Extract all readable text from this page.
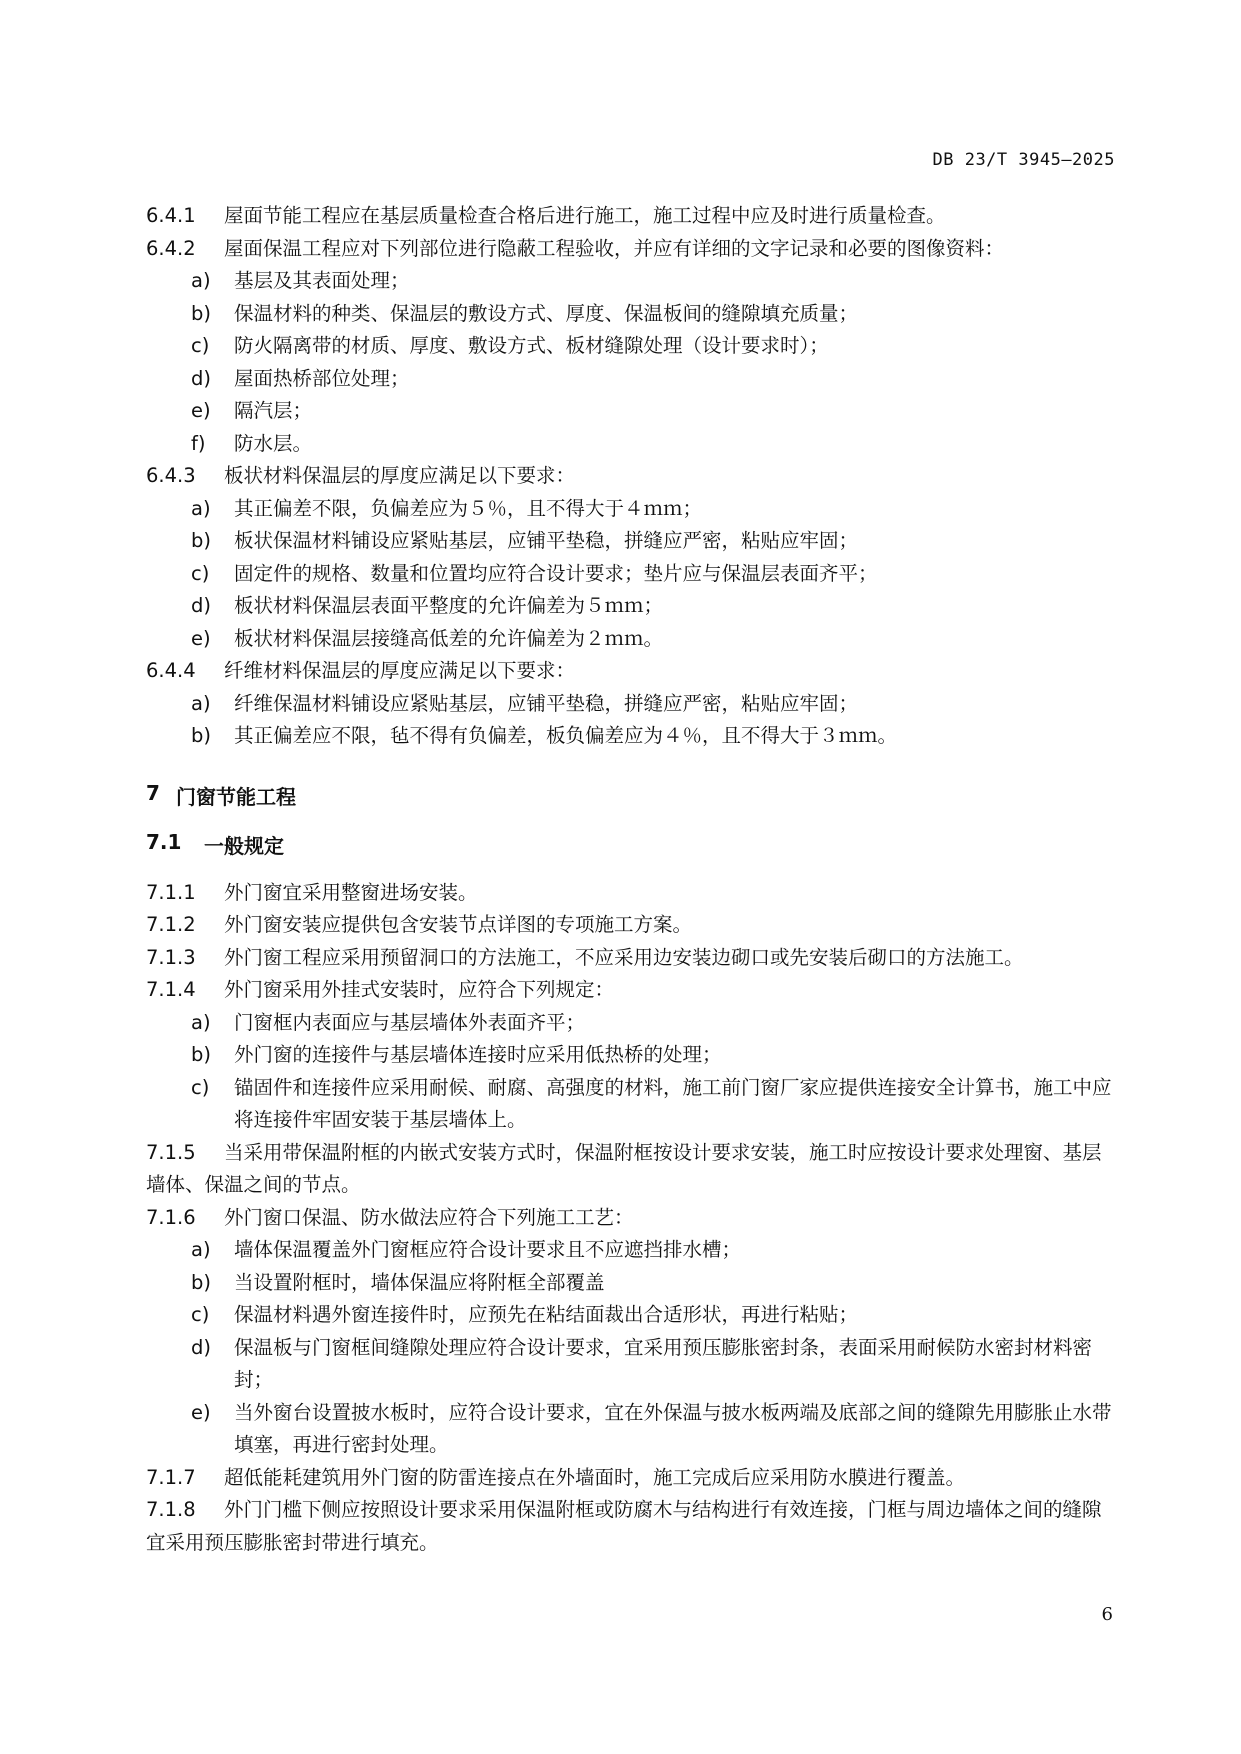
DB 23/T 3945—2025
6.4.1	屋面节能工程应在基层质量检查合格后进行施工，施工过程中应及时进行质量检查。
6.4.2	屋面保温工程应对下列部位进行隐蔽工程验收，并应有详细的文字记录和必要的图像资料：
a)	基层及其表面处理；
b)	保温材料的种类、保温层的敷设方式、厚度、保温板间的缝隙填充质量；
c)	防火隔离带的材质、厚度、敷设方式、板材缝隙处理（设计要求时）；
d)	屋面热桥部位处理；
e)	隔汽层；
f)	防水层。
6.4.3	板状材料保温层的厚度应满足以下要求：
a)	其正偏差不限，负偏差应为５％，且不得大于４ｍｍ；
b)	板状保温材料铺设应紧贴基层，应铺平垫稳，拼缝应严密，粘贴应牢固；
c)	固定件的规格、数量和位置均应符合设计要求；垫片应与保温层表面齐平；
d)	板状材料保温层表面平整度的允许偏差为５ｍｍ；
e)	板状材料保温层接缝高低差的允许偏差为２ｍｍ。
6.4.4	纤维材料保温层的厚度应满足以下要求：
a)	纤维保温材料铺设应紧贴基层，应铺平垫稳，拼缝应严密，粘贴应牢固；
b)	其正偏差应不限，毡不得有负偏差，板负偏差应为４％，且不得大于３ｍｍ。
7 门窗节能工程
7.1	一般规定
7.1.1	外门窗宜采用整窗进场安装。
7.1.2	外门窗安装应提供包含安装节点详图的专项施工方案。
7.1.3	外门窗工程应采用预留洞口的方法施工，不应采用边安装边砌口或先安装后砌口的方法施工。
7.1.4	外门窗采用外挂式安装时，应符合下列规定：
a)	门窗框内表面应与基层墙体外表面齐平；
b)	外门窗的连接件与基层墙体连接时应采用低热桥的处理；
c)	锚固件和连接件应采用耐候、耐腐、高强度的材料，施工前门窗厂家应提供连接安全计算书，施工中应将连接件牢固安装于基层墙体上。
7.1.5 当采用带保温附框的内嵌式安装方式时，保温附框按设计要求安装，施工时应按设计要求处理窗、基层墙体、保温之间的节点。
7.1.6	外门窗口保温、防水做法应符合下列施工工艺：
a)	墙体保温覆盖外门窗框应符合设计要求且不应遮挡排水槽；
b)	当设置附框时，墙体保温应将附框全部覆盖
c)	保温材料遇外窗连接件时，应预先在粘结面裁出合适形状，再进行粘贴；
d)	保温板与门窗框间缝隙处理应符合设计要求，宜采用预压膨胀密封条，表面采用耐候防水密封材料密封；
e)	当外窗台设置披水板时，应符合设计要求，宜在外保温与披水板两端及底部之间的缝隙先用膨胀止水带填塞，再进行密封处理。
7.1.7	超低能耗建筑用外门窗的防雷连接点在外墙面时，施工完成后应采用防水膜进行覆盖。
7.1.8 外门门槛下侧应按照设计要求采用保温附框或防腐木与结构进行有效连接，门框与周边墙体之间的缝隙宜采用预压膨胀密封带进行填充。
6
